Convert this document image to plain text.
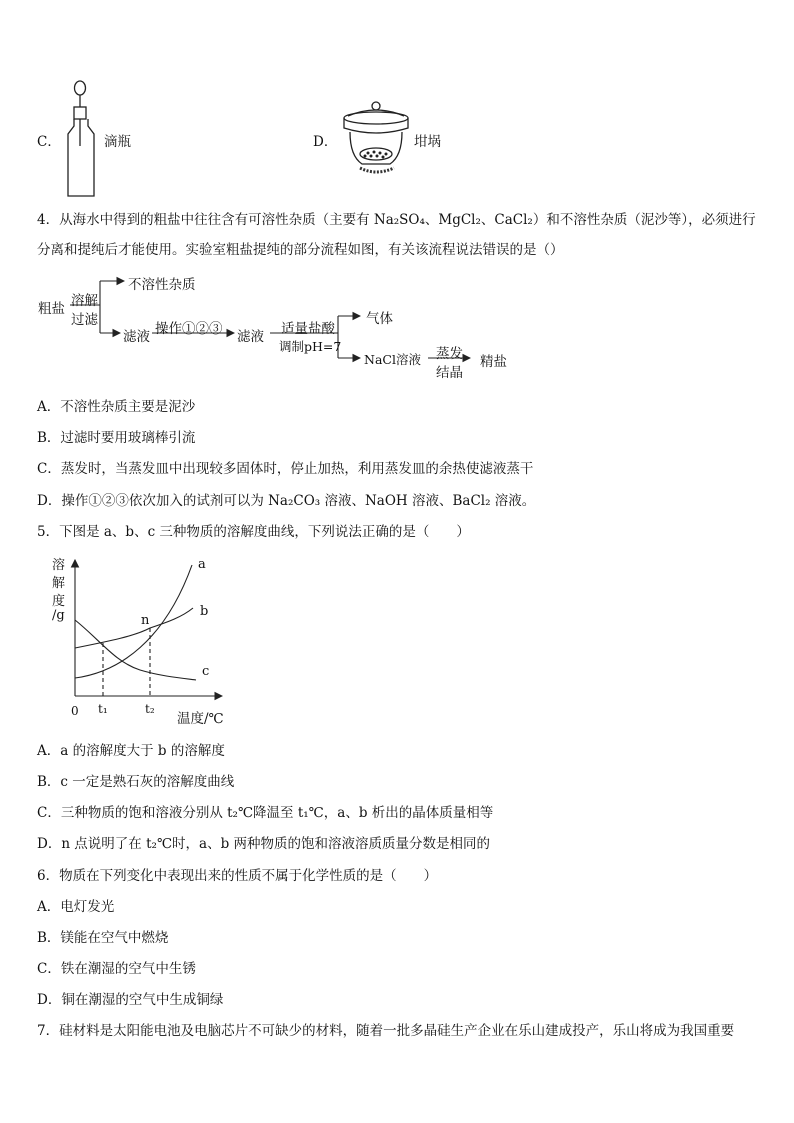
C．	滴瓶	D．	坩埚
4．从海水中得到的粗盐中往往含有可溶性杂质（主要有 Na₂SO₄、MgCl₂、CaCl₂）和不溶性杂质（泥沙等），必须进行
分离和提纯后才能使用。实验室粗盐提纯的部分流程如图，有关该流程说法错误的是（）
粗盐 溶解
过滤
不溶性杂质
滤液 操作①②③ 滤液 适量盐酸
调制pH=7
气体
NaCl溶液 蒸发
结晶
精盐
A．不溶性杂质主要是泥沙
B．过滤时要用玻璃棒引流
C．蒸发时，当蒸发皿中出现较多固体时，停止加热，利用蒸发皿的余热使滤液蒸干
D．操作①②③依次加入的试剂可以为 Na₂CO₃ 溶液、NaOH 溶液、BaCl₂ 溶液。
5．下图是 a、b、c 三种物质的溶解度曲线，下列说法正确的是（　　）
溶
解
度
/g
a
b
c
n
0 t₁	t₂
温度/℃
A．a 的溶解度大于 b 的溶解度
B．c 一定是熟石灰的溶解度曲线
C．三种物质的饱和溶液分别从 t₂℃降温至 t₁℃，a、b 析出的晶体质量相等
D．n 点说明了在 t₂℃时，a、b 两种物质的饱和溶液溶质质量分数是相同的
6．物质在下列变化中表现出来的性质不属于化学性质的是（　　）
A．电灯发光
B．镁能在空气中燃烧
C．铁在潮湿的空气中生锈
D．铜在潮湿的空气中生成铜绿
7．硅材料是太阳能电池及电脑芯片不可缺少的材料，随着一批多晶硅生产企业在乐山建成投产，乐山将成为我国重要
